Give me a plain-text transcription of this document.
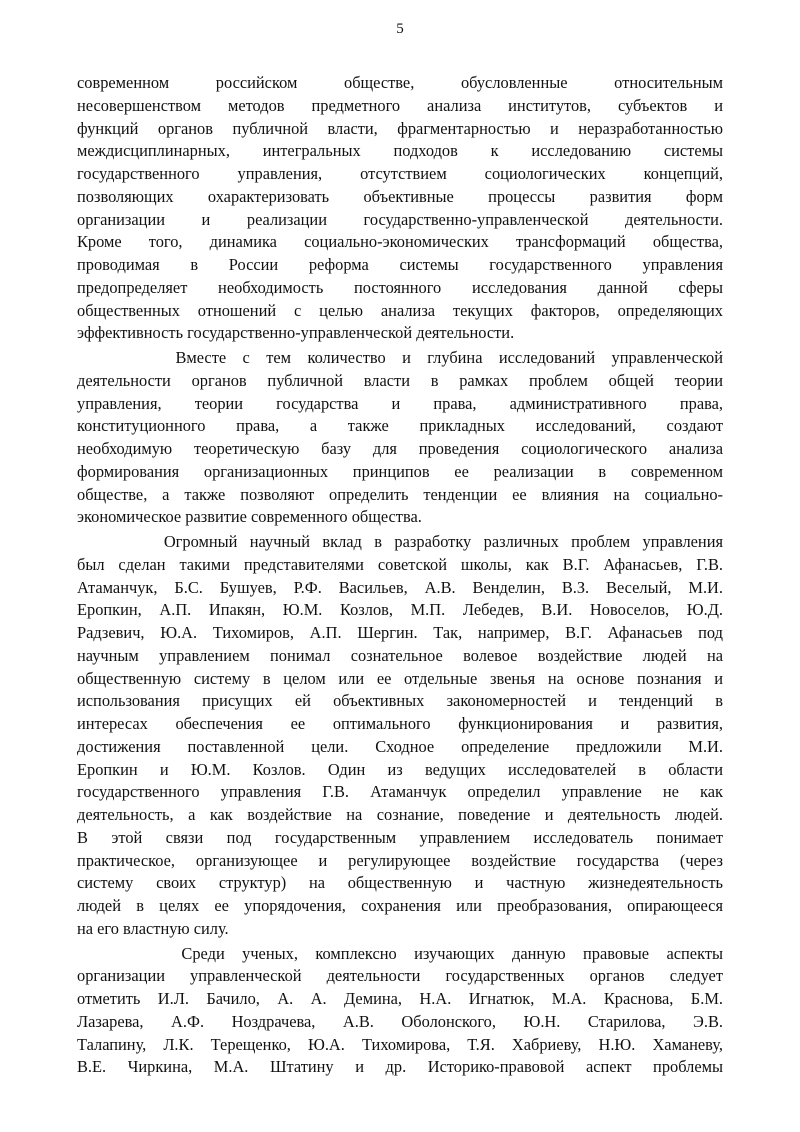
5
современном российском обществе, обусловленные относительным
несовершенством методов предметного анализа институтов, субъектов и
функций органов публичной власти, фрагментарностью и неразработанностью
междисциплинарных, интегральных подходов к исследованию системы
государственного управления, отсутствием социологических концепций,
позволяющих охарактеризовать объективные процессы развития форм
организации и реализации государственно-управленческой деятельности.
Кроме того, динамика социально-экономических трансформаций общества,
проводимая в России реформа системы государственного управления
предопределяет необходимость постоянного исследования данной сферы
общественных отношений с целью анализа текущих факторов, определяющих
эффективность государственно-управленческой деятельности.
Вместе с тем количество и глубина исследований управленческой
деятельности органов публичной власти в рамках проблем общей теории
управления, теории государства и права, административного права,
конституционного права, а также прикладных исследований, создают
необходимую теоретическую базу для проведения социологического анализа
формирования организационных принципов ее реализации в современном
обществе, а также позволяют определить тенденции ее влияния на социально-
экономическое развитие современного общества.
Огромный научный вклад в разработку различных проблем управления
был сделан такими представителями советской школы, как В.Г. Афанасьев, Г.В.
Атаманчук, Б.С. Бушуев, Р.Ф. Васильев, А.В. Венделин, В.З. Веселый, М.И.
Еропкин, А.П. Ипакян, Ю.М. Козлов, М.П. Лебедев, В.И. Новоселов, Ю.Д.
Радзевич, Ю.А. Тихомиров, А.П. Шергин. Так, например, В.Г. Афанасьев под
научным управлением понимал сознательное волевое воздействие людей на
общественную систему в целом или ее отдельные звенья на основе познания и
использования присущих ей объективных закономерностей и тенденций в
интересах обеспечения ее оптимального функционирования и развития,
достижения поставленной цели. Сходное определение предложили М.И.
Еропкин и Ю.М. Козлов. Один из ведущих исследователей в области
государственного управления Г.В. Атаманчук определил управление не как
деятельность, а как воздействие на сознание, поведение и деятельность людей.
В этой связи под государственным управлением исследователь понимает
практическое, организующее и регулирующее воздействие государства (через
систему своих структур) на общественную и частную жизнедеятельность
людей в целях ее упорядочения, сохранения или преобразования, опирающееся
на его властную силу.
Среди ученых, комплексно изучающих данную правовые аспекты
организации управленческой деятельности государственных органов следует
отметить И.Л. Бачило, А. А. Демина, Н.А. Игнатюк, М.А. Краснова, Б.М.
Лазарева, А.Ф. Ноздрачева, А.В. Оболонского, Ю.Н. Старилова, Э.В.
Талапину, Л.К. Терещенко, Ю.А. Тихомирова, Т.Я. Хабриеву, Н.Ю. Хаманеву,
В.Е. Чиркина, М.А. Штатину и др. Историко-правовой аспект проблемы
